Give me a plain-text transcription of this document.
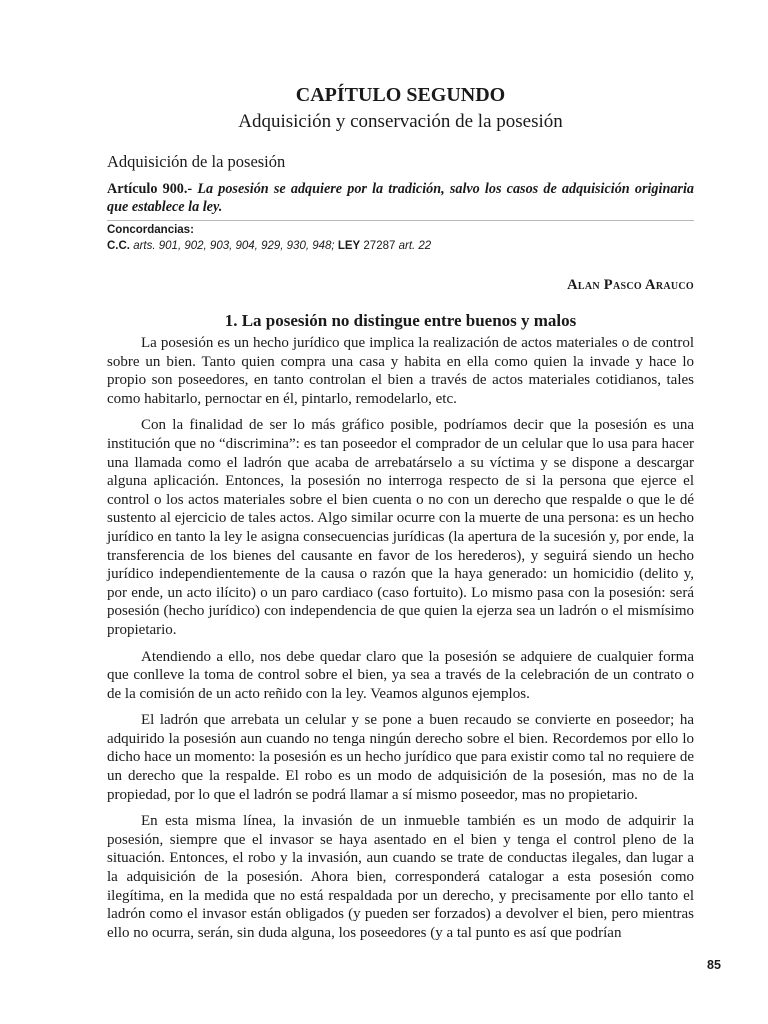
CAPÍTULO SEGUNDO
Adquisición y conservación de la posesión
Adquisición de la posesión
Artículo 900.- La posesión se adquiere por la tradición, salvo los casos de adquisición originaria que establece la ley.
Concordancias:
C.C. arts. 901, 902, 903, 904, 929, 930, 948; LEY 27287 art. 22
Alan Pasco Arauco
1. La posesión no distingue entre buenos y malos

La posesión es un hecho jurídico que implica la realización de actos materiales o de control sobre un bien. Tanto quien compra una casa y habita en ella como quien la invade y hace lo propio son poseedores, en tanto controlan el bien a través de actos materiales cotidianos, tales como habitarlo, pernoctar en él, pintarlo, remodelarlo, etc.

Con la finalidad de ser lo más gráfico posible, podríamos decir que la posesión es una institución que no “discrimina”: es tan poseedor el comprador de un celular que lo usa para hacer una llamada como el ladrón que acaba de arrebatárselo a su víctima y se dispone a descargar alguna aplicación. Entonces, la posesión no interroga respecto de si la persona que ejerce el control o los actos materiales sobre el bien cuenta o no con un derecho que respalde o que le dé sustento al ejercicio de tales actos. Algo similar ocurre con la muerte de una persona: es un hecho jurídico en tanto la ley le asigna consecuencias jurídicas (la apertura de la sucesión y, por ende, la transferencia de los bienes del causante en favor de los herederos), y seguirá siendo un hecho jurídico independientemente de la causa o razón que la haya generado: un homicidio (delito y, por ende, un acto ilícito) o un paro cardiaco (caso fortuito). Lo mismo pasa con la posesión: será posesión (hecho jurídico) con independencia de que quien la ejerza sea un ladrón o el mismísimo propietario.

Atendiendo a ello, nos debe quedar claro que la posesión se adquiere de cualquier forma que conlleve la toma de control sobre el bien, ya sea a través de la celebración de un contrato o de la comisión de un acto reñido con la ley. Veamos algunos ejemplos.

El ladrón que arrebata un celular y se pone a buen recaudo se convierte en poseedor; ha adquirido la posesión aun cuando no tenga ningún derecho sobre el bien. Recordemos por ello lo dicho hace un momento: la posesión es un hecho jurídico que para existir como tal no requiere de un derecho que la respalde. El robo es un modo de adquisición de la posesión, mas no de la propiedad, por lo que el ladrón se podrá llamar a sí mismo poseedor, mas no propietario.

En esta misma línea, la invasión de un inmueble también es un modo de adquirir la posesión, siempre que el invasor se haya asentado en el bien y tenga el control pleno de la situación. Entonces, el robo y la invasión, aun cuando se trate de conductas ilegales, dan lugar a la adquisición de la posesión. Ahora bien, corresponderá catalogar a esta posesión como ilegítima, en la medida que no está respaldada por un derecho, y precisamente por ello tanto el ladrón como el invasor están obligados (y pueden ser forzados) a devolver el bien, pero mientras ello no ocurra, serán, sin duda alguna, los poseedores (y a tal punto es así que podrían

85
